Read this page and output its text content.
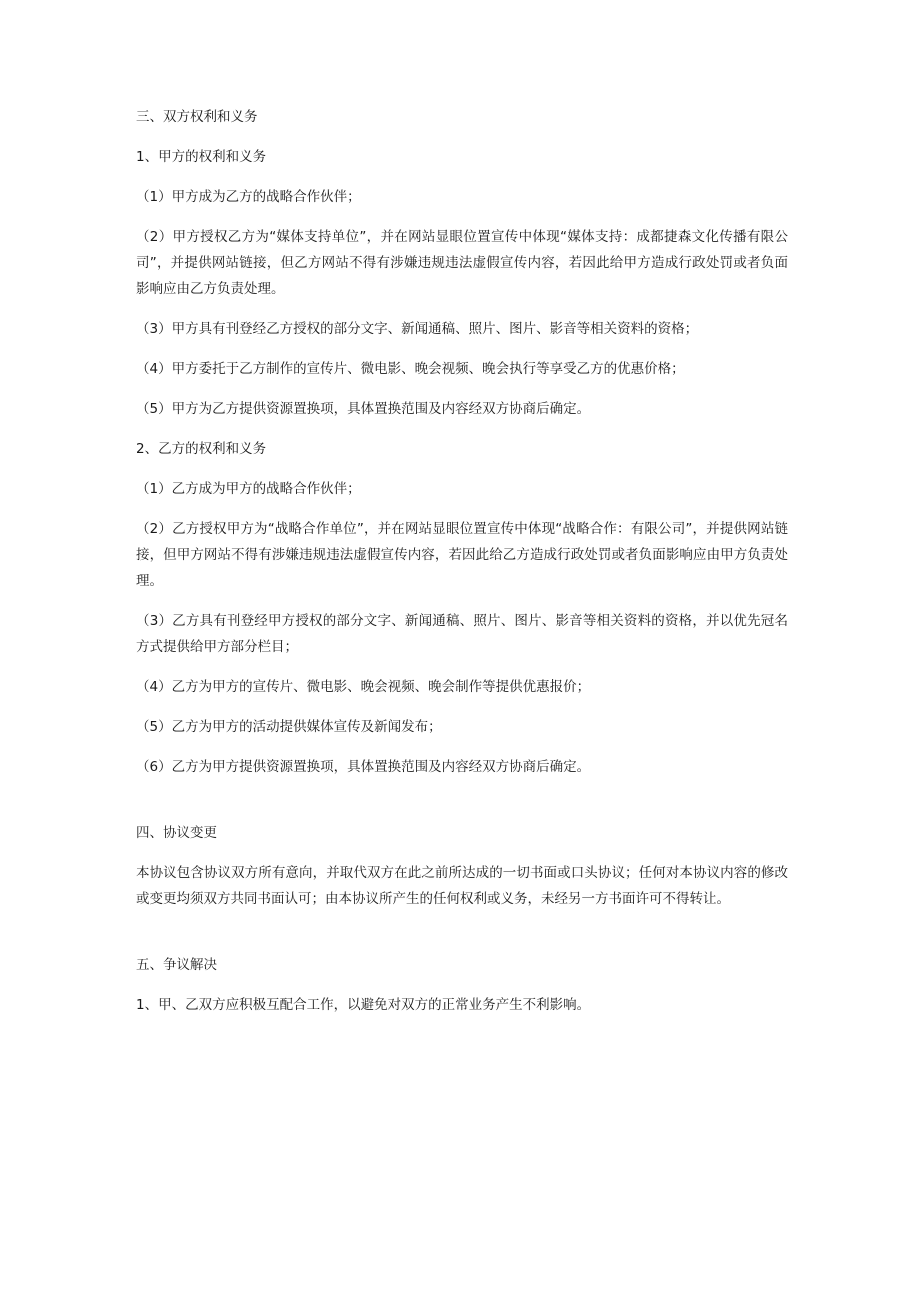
三、双方权利和义务

1、甲方的权利和义务

（1）甲方成为乙方的战略合作伙伴；

（2）甲方授权乙方为“媒体支持单位”，并在网站显眼位置宣传中体现“媒体支持：成都捷森文化传播有限公司”，并提供网站链接，但乙方网站不得有涉嫌违规违法虚假宣传内容，若因此给甲方造成行政处罚或者负面影响应由乙方负责处理。

（3）甲方具有刊登经乙方授权的部分文字、新闻通稿、照片、图片、影音等相关资料的资格；

（4）甲方委托于乙方制作的宣传片、微电影、晚会视频、晚会执行等享受乙方的优惠价格；

（5）甲方为乙方提供资源置换项，具体置换范围及内容经双方协商后确定。

2、乙方的权利和义务

（1）乙方成为甲方的战略合作伙伴；

（2）乙方授权甲方为“战略合作单位”，并在网站显眼位置宣传中体现“战略合作：有限公司”，并提供网站链接，但甲方网站不得有涉嫌违规违法虚假宣传内容，若因此给乙方造成行政处罚或者负面影响应由甲方负责处理。

（3）乙方具有刊登经甲方授权的部分文字、新闻通稿、照片、图片、影音等相关资料的资格，并以优先冠名方式提供给甲方部分栏目；

（4）乙方为甲方的宣传片、微电影、晚会视频、晚会制作等提供优惠报价；

（5）乙方为甲方的活动提供媒体宣传及新闻发布；

（6）乙方为甲方提供资源置换项，具体置换范围及内容经双方协商后确定。

四、协议变更

本协议包含协议双方所有意向，并取代双方在此之前所达成的一切书面或口头协议；任何对本协议内容的修改或变更均须双方共同书面认可；由本协议所产生的任何权利或义务，未经另一方书面许可不得转让。

五、争议解决

1、甲、乙双方应积极互配合工作，以避免对双方的正常业务产生不利影响。
